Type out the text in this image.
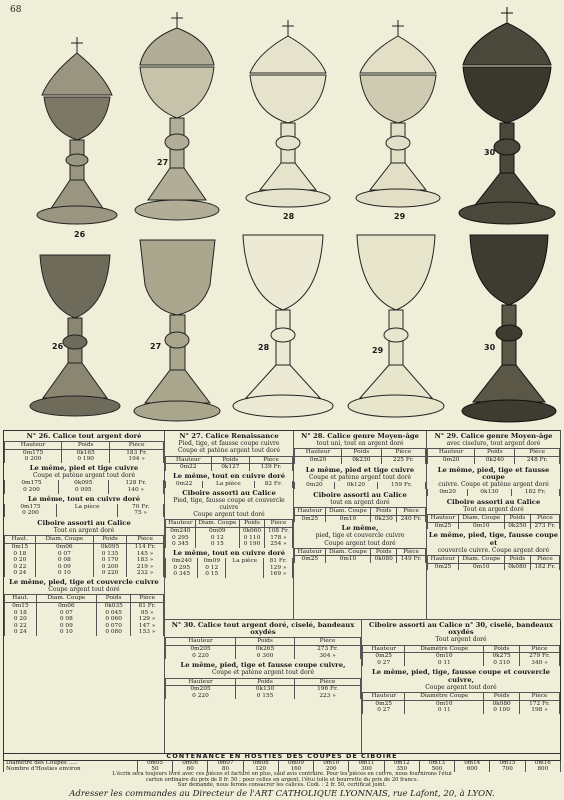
68
26
27
28	29
30
26	27	28	29	30
N° 26. Calice tout argent doré
Hauteur	Poids	Pièce
0m175	0k165	183 Fr.
0 200	0 190	194 »
Le même, pied et tige cuivre
Coupe et patène argent tout doré
0m175	0k095	128 Fr.
0 200	0 095	140 »
Le même, tout en cuivre doré
0m175	La pièce	70 Fr.
0 200		75 »
Ciboire assorti au Calice
Tout en argent doré
Haut.	Diam. Coupe	Poids	Pièce
0m15	0m06	0k095	114 Fr.
0 18	0 07	0 135	145 »
0 20	0 08	0 170	183 »
0 22	0 09	0 200	219 »
0 24	0 10	0 220	232 »
Le même, pied, tige et couvercle cuivre
Coupe argent tout doré
Haut.	Diam. Coupe	Poids	Pièce
0m15	0m06	0k035	81 Fr.
0 18	0 07	0 045	95 »
0 20	0 08	0 060	129 »
0 22	0 09	0 070	147 »
0 24	0 10	0 080	153 »
N° 27. Calice Renaissance
Pied, tige, et fausse coupe cuivre
Coupe et patène argent tout doré
Hauteur	Poids	Pièce
0m22	0k127	139 Fr.
Le même, tout en cuivre doré
0m22	La pièce	82 Fr.
Ciboire assorti au Calice
Pied, tige, fausse coupe et couvercle cuivre
Coupe argent tout doré
Hauteur	Diam. Coupe	Poids	Pièce
0m240	0m09	0k060	108 Fr.
0 295	0 12	0 110	178 »
0 345	0 15	0 190	254 »
Le même, tout en cuivre doré
0m240	0m09	La pièce	81 Fr.
0 295	0 12		129 »
0 345	0 15		169 »
N° 28. Calice genre Moyen-âge
tout uni, tout en argent doré
Hauteur	Poids	Pièce
0m20	0k230	225 Fr.
Le même, pied et tige cuivre
Coupe et patène argent tout doré
0m20	0k120	159 Fr.
Ciboire assorti au Calice
tout en argent doré
Hauteur	Diam. Coupe	Poids	Pièce
0m25	0m10	0k230	240 Fr.
Le même,
pied, tige et couvercle cuivre
Coupe argent tout doré
Hauteur	Diam. Coupe	Poids	Pièce
0m25	0m10	0k080	149 Fr.
N° 29. Calice genre Moyen-âge
avec ciselure, tout argent doré
Hauteur	Poids	Pièce
0m20	0k240	248 Fr.
Le même, pied, tige et fausse coupe
cuivre. Coupe et patène argent doré
0m20	0k130	182 Fr.
Ciboire assorti au Calice
Tout en argent doré
Hauteur	Diam. Coupe	Poids	Pièce
0m25	0m10	0k250	273 Fr.
Le même, pied, tige, fausse coupe et
couvercle cuivre. Coupe argent doré
Hauteur	Diam. Coupe	Poids	Pièce
0m25	0m10	0k080	182 Fr.
N° 30. Calice tout argent doré, ciselé, bandeaux oxydés
Hauteur	Poids	Pièce
0m205	0k265	273 Fr.
0 220	0 300	304 »
Le même, pied, tige et fausse coupe cuivre,
Coupe et patène argent tout doré
Hauteur	Poids	Pièce
0m205	0k130	196 Fr.
0 220	0 155	223 »
Ciboire assorti au Calice n° 30, ciselé, bandeaux oxydés
Tout argent doré
Hauteur	Diamètre Coupe	Poids	Pièce
0m25	0m10	0k275	279 Fr.
0 27	0 11	0 310	340 »
Le même, pied, tige, fausse coupe et couvercle cuivre,
Coupe argent tout doré
Hauteur	Diamètre Coupe	Poids	Pièce
0m25	0m10	0k080	172 Fr.
0 27	0 11	0 100	198 »
CONTENANCE EN HOSTIES DES COUPES DE CIBOIRE
Diamètre des Coupes .....	0m05	0m06	0m07	0m08	0m09	0m10	0m11	0m12	0m13	0m14	0m15	0m16
Nombre d'Hosties environ	50	60	80	120	160	200	300	350	500	600	700	800
L'écrin sera toujours livré avec ces pièces et facturé en plus, sauf avis contraire. Pour les pièces en cuivre, nous fournirons l'étui
carton ordinaire du prix de 8 fr. 50 ; pour celles en argent, l'étui toile et bourrette du prix de 20 francs.
Sur demande, nous ferons consacrer les calices. Codi. : 2 fr. 50, certificat joint.
Adresser les commandes au Directeur de l'ART CATHOLIQUE LYONNAIS, rue Lafont, 20, à LYON.
